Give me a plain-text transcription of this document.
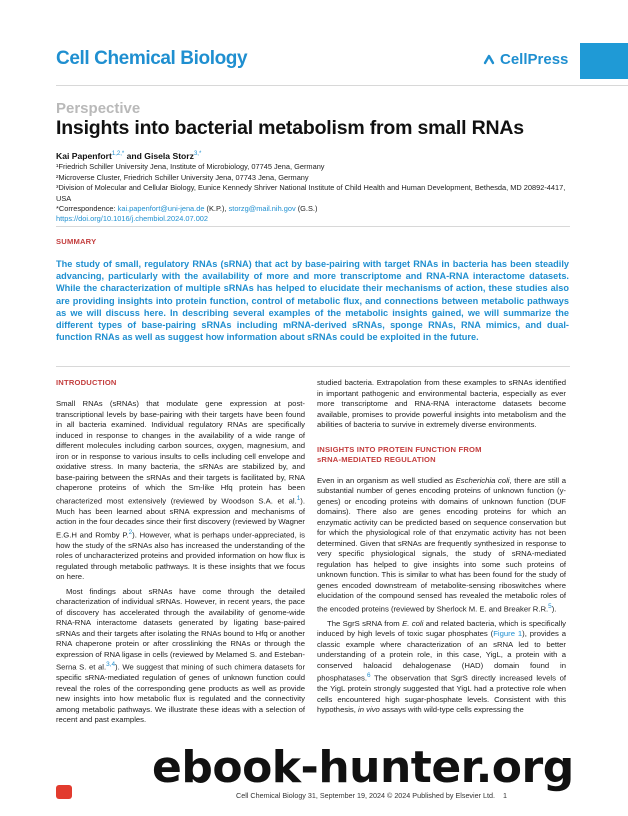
Cell Chemical Biology	CellPress
Perspective
Insights into bacterial metabolism from small RNAs
Kai Papenfort$^{1,2,*}$ and Gisela Storz$^{3,*}$
¹Friedrich Schiller University Jena, Institute of Microbiology, 07745 Jena, Germany
²Microverse Cluster, Friedrich Schiller University Jena, 07743 Jena, Germany
³Division of Molecular and Cellular Biology, Eunice Kennedy Shriver National Institute of Child Health and Human Development, Bethesda, MD 20892-4417, USA
*Correspondence: kai.papenfort@uni-jena.de (K.P.), storzg@mail.nih.gov (G.S.)
https://doi.org/10.1016/j.chembiol.2024.07.002
SUMMARY
The study of small, regulatory RNAs (sRNA) that act by base-pairing with target RNAs in bacteria has been steadily advancing, particularly with the availability of more and more transcriptome and RNA-RNA interactome datasets. While the characterization of multiple sRNAs has helped to elucidate their mechanisms of action, these studies also are providing insights into protein function, control of metabolic flux, and connections between metabolic pathways as we will discuss here. In describing several examples of the metabolic insights gained, we will summarize the different types of base-pairing sRNAs including mRNA-derived sRNAs, sponge RNAs, RNA mimics, and dual-function RNAs as well as suggest how information about sRNAs could be exploited in the future.
INTRODUCTION

Small RNAs (sRNAs) that modulate gene expression at post-transcriptional levels by base-pairing with their targets have been found in all bacteria examined. Individual regulatory RNAs are specifically induced in response to changes in the availability of a wide range of different molecules including carbon sources, oxygen, magnesium, and iron or in response to various insults to cells including cell envelope and oxidative stress. In many bacteria, the sRNAs are stabilized by, and base-pairing between the sRNAs and their targets is facilitated by, RNA chaperone proteins of which the Sm-like Hfq protein has been characterized most extensively (reviewed by Woodson S.A. et al.$^1$). Much has been learned about sRNA expression and mechanisms of action in the four decades since their first discovery (reviewed by Wagner E.G.H and Romby P.$^2$). However, what is perhaps under-appreciated, is how the study of the sRNAs also has increased the understanding of the roles of uncharacterized proteins and provided information on how flux is regulated through metabolic pathways. It is these insights that we focus on here.

Most findings about sRNAs have come through the detailed characterization of individual sRNAs. However, in recent years, the pace of discovery has accelerated through the availability of genome-wide RNA-RNA interactome datasets generated by ligating base-paired sRNAs and their targets after isolating the RNAs bound to Hfq or another RNA chaperone protein or after crosslinking the RNAs or through the expression of RNA ligase in cells (reviewed by Melamed S. and Esteban-Serna S. et al.$^{3,4}$). We suggest that mining of such chimera datasets for specific sRNA-mediated regulation of genes of unknown function could reveal the roles of the corresponding gene products as well as provide new insights into how metabolic flux is regulated and the connectivity among metabolic pathways. We illustrate these ideas with a selection of recent and past examples.

studied bacteria. Extrapolation from these examples to sRNAs identified in important pathogenic and environmental bacteria, especially as ever more transcriptome and RNA-RNA interactome datasets become available, promises to provide powerful insights into metabolism and the abilities of bacteria to survive in extremely diverse environments.

INSIGHTS INTO PROTEIN FUNCTION FROM
sRNA-MEDIATED REGULATION

Even in an organism as well studied as Escherichia coli, there are still a substantial number of genes encoding proteins of unknown function (y-genes) or encoding proteins with domains of unknown function (DUF domains). There also are genes encoding proteins for which an enzymatic activity can be predicted based on sequence conservation but for which the physiological role of that enzymatic activity has not been determined. Given that sRNAs are frequently synthesized in response to very specific physiological signals, the study of sRNA-mediated regulation has helped to give insights into some such proteins of unknown function. This is similar to what has been found for the study of genes encoded downstream of metabolite-sensing riboswitches where elucidation of the compound sensed has revealed the metabolic roles of the encoded proteins (reviewed by Sherlock M. E. and Breaker R.R.$^5$).

The SgrS sRNA from E. coli and related bacteria, which is specifically induced by high levels of toxic sugar phosphates (Figure 1), provides a classic example where characterization of an sRNA led to better understanding of a protein role, in this case, YigL, a protein with a conserved haloacid dehalogenase (HAD) domain found in phosphatases.$^6$ The observation that SgrS directly increased levels of the YigL protein strongly suggested that YigL had a protective role when cells encountered high sugar-phosphate levels. Consistent with this hypothesis, in vivo assays with wild-type cells expressing the

Cell Chemical Biology 31, September 19, 2024 © 2024 Published by Elsevier Ltd. 1
ebook-hunter.org
